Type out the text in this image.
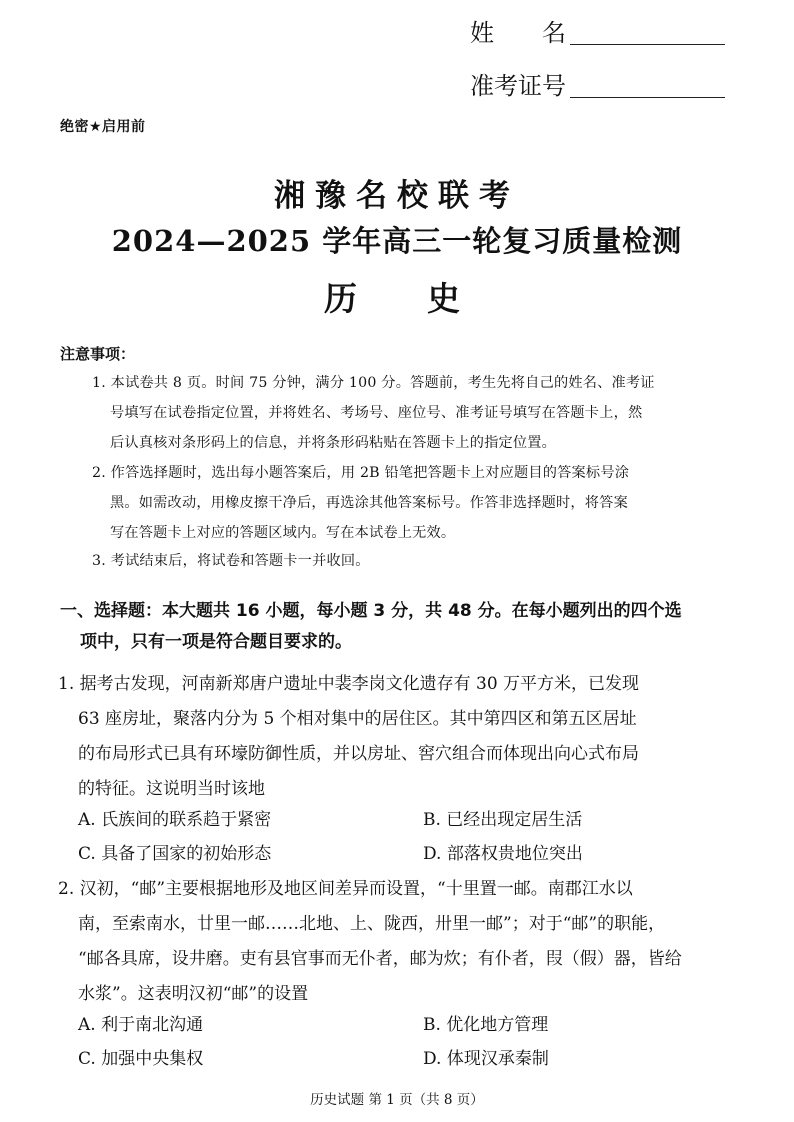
姓　　名
准考证号
绝密★启用前
湘豫名校联考
2024—2025 学年高三一轮复习质量检测
历史
注意事项：

1. 本试卷共 8 页。时间 75 分钟，满分 100 分。答题前，考生先将自己的姓名、准考证

号填写在试卷指定位置，并将姓名、考场号、座位号、准考证号填写在答题卡上，然

后认真核对条形码上的信息，并将条形码粘贴在答题卡上的指定位置。

2. 作答选择题时，选出每小题答案后，用 2B 铅笔把答题卡上对应题目的答案标号涂

黑。如需改动，用橡皮擦干净后，再选涂其他答案标号。作答非选择题时，将答案

写在答题卡上对应的答题区域内。写在本试卷上无效。

3. 考试结束后，将试卷和答题卡一并收回。

一、选择题：本大题共 16 小题，每小题 3 分，共 48 分。在每小题列出的四个选
项中，只有一项是符合题目要求的。
1. 据考古发现，河南新郑唐户遗址中裴李岗文化遗存有 30 万平方米，已发现
63 座房址，聚落内分为 5 个相对集中的居住区。其中第四区和第五区居址
的布局形式已具有环壕防御性质，并以房址、窖穴组合而体现出向心式布局
的特征。这说明当时该地
A. 氏族间的联系趋于紧密	B. 已经出现定居生活
C. 具备了国家的初始形态	D. 部落权贵地位突出
2. 汉初，“邮”主要根据地形及地区间差异而设置，“十里置一邮。南郡江水以
南，至索南水，廿里一邮……北地、上、陇西，卅里一邮”；对于“邮”的职能，
“邮各具席，设井磨。吏有县官事而无仆者，邮为炊；有仆者，叚（假）器，皆给
水浆”。这表明汉初“邮”的设置
A. 利于南北沟通	B. 优化地方管理
C. 加强中央集权	D. 体现汉承秦制
历史试题 第 1 页（共 8 页）
